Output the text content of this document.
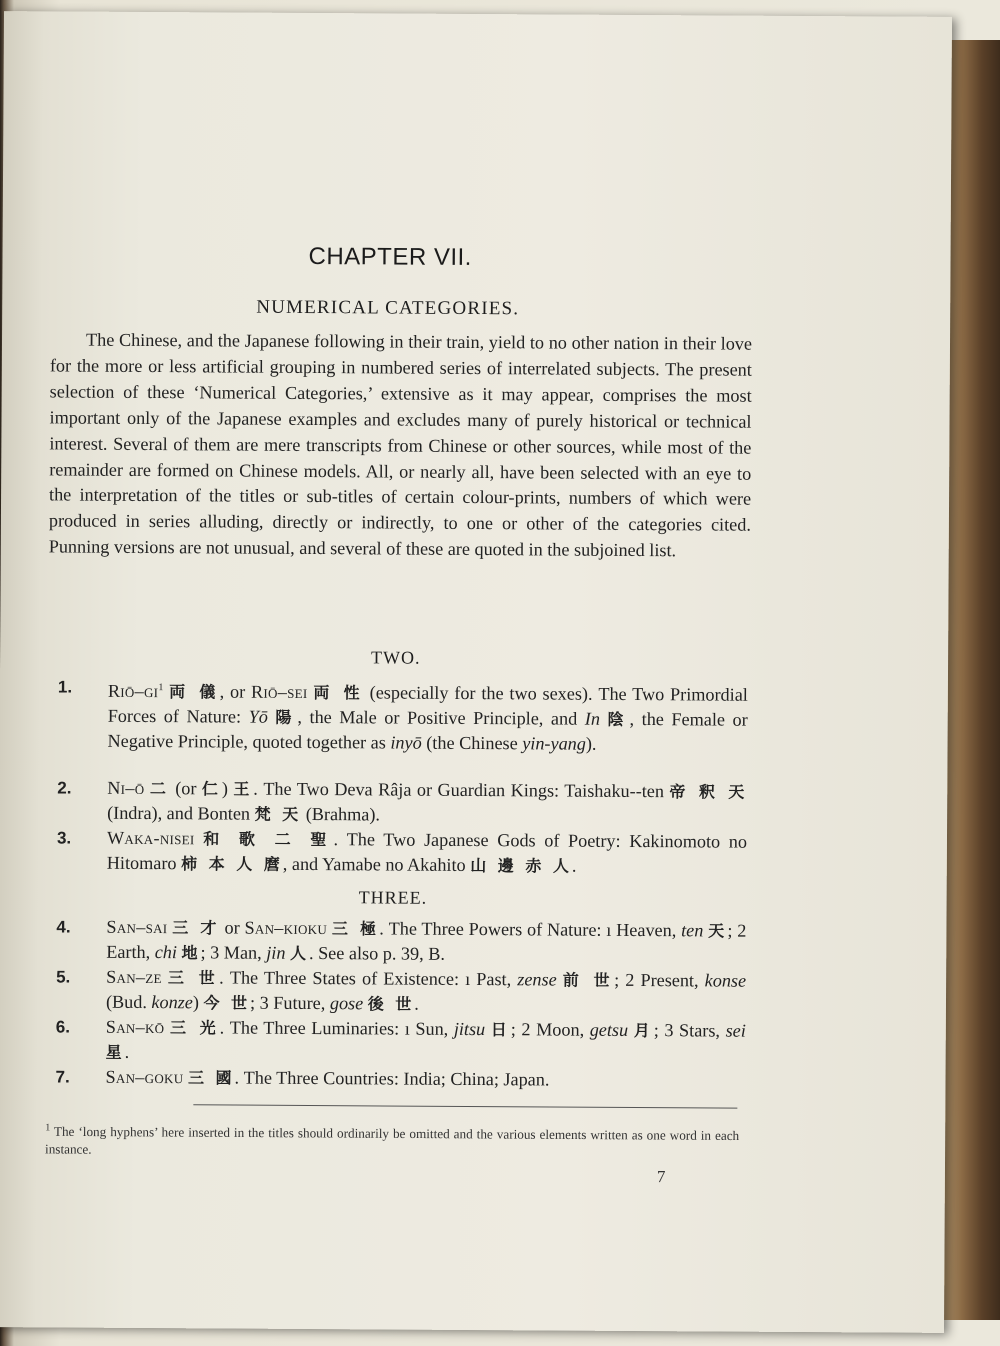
CHAPTER VII.
NUMERICAL CATEGORIES.
The Chinese, and the Japanese following in their train, yield to no other nation in their love for the more or less artificial grouping in numbered series of interrelated subjects. The present selection of these ‘Numerical Categories,’ extensive as it may appear, comprises the most important only of the Japanese examples and excludes many of purely historical or technical interest. Several of them are mere transcripts from Chinese or other sources, while most of the remainder are formed on Chinese models. All, or nearly all, have been selected with an eye to the interpretation of the titles or sub-titles of certain colour-prints, numbers of which were produced in series alluding, directly or indirectly, to one or other of the categories cited. Punning versions are not unusual, and several of these are quoted in the subjoined list.
TWO.
1.	Riō–$gi^1$ 両 儀, or Riō–sei 両 性 (especially for the two sexes). The Two Primordial Forces of Nature: Yō 陽, the Male or Positive Principle, and In 陰, the Female or Negative Principle, quoted together as inyō (the Chinese yin-yang).
2.	Ni–ō 二 (or 仁) 王. The Two Deva Râja or Guardian Kings: Taishaku--ten 帝 釈 天 (Indra), and Bonten 梵 天 (Brahma).
3.	Waka-nisei 和 歌 二 聖. The Two Japanese Gods of Poetry: Kakinomoto no Hitomaro 柿 本 人 麿, and Yamabe no Akahito 山 邊 赤 人.
THREE.
4.	San–sai 三 才 or San–kioku 三 極. The Three Powers of Nature: ı Heaven, ten 天; 2 Earth, chi 地; 3 Man, jin 人. See also p. 39, B.
5.	San–ze 三 世. The Three States of Existence: ı Past, zense 前 世; 2 Present, konse (Bud. konze) 今 世; 3 Future, gose 後 世.
6.	San–kō 三 光. The Three Luminaries: ı Sun, jitsu 日; 2 Moon, getsu 月; 3 Stars, sei 星.
7.	San–goku 三 國. The Three Countries: India; China; Japan.
$^1$ The ‘long hyphens’ here inserted in the titles should ordinarily be omitted and the various elements written as one word in each instance.
7
